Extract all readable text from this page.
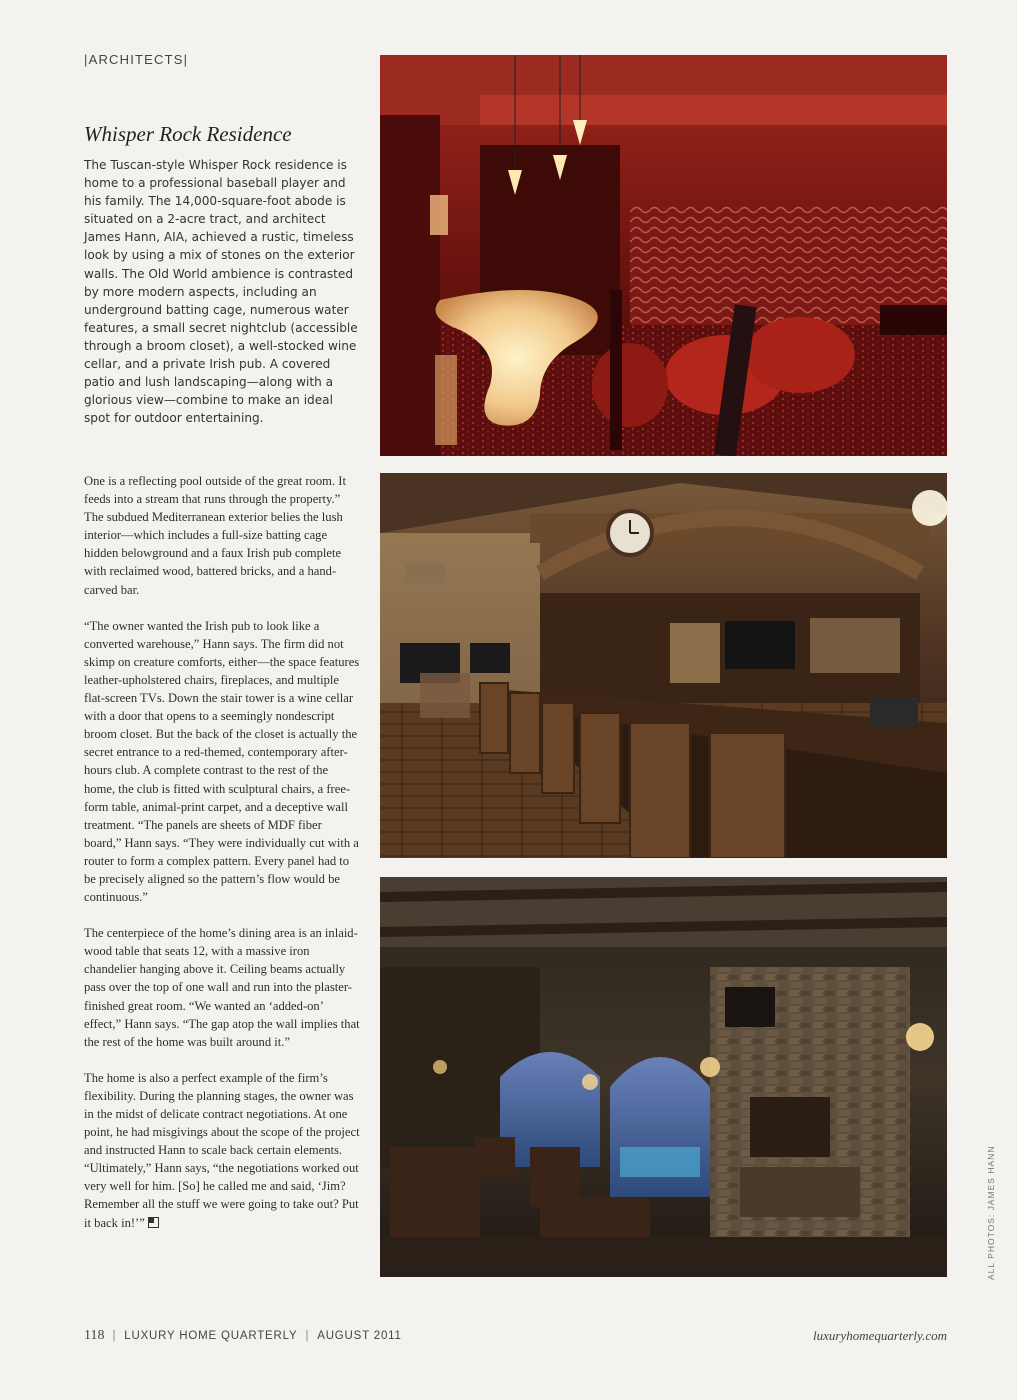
|ARCHITECTS|
Whisper Rock Residence

The Tuscan-style Whisper Rock residence is home to a professional baseball player and his family. The 14,000-square-foot abode is situated on a 2-acre tract, and architect James Hann, AIA, achieved a rustic, timeless look by using a mix of stones on the exterior walls. The Old World ambience is contrasted by more modern aspects, including an underground batting cage, numerous water features, a small secret nightclub (accessible through a broom closet), a well-stocked wine cellar, and a private Irish pub. A covered patio and lush landscaping—along with a glorious view—combine to make an ideal spot for outdoor entertaining.

One is a reflecting pool outside of the great room. It feeds into a stream that runs through the property.” The subdued Mediterranean exterior belies the lush interior—which includes a full-size batting cage hidden belowground and a faux Irish pub complete with reclaimed wood, battered bricks, and a hand-carved bar.

“The owner wanted the Irish pub to look like a converted warehouse,” Hann says. The firm did not skimp on creature comforts, either—the space features leather-upholstered chairs, fireplaces, and multiple flat-screen TVs. Down the stair tower is a wine cellar with a door that opens to a seemingly nondescript broom closet. But the back of the closet is actually the secret entrance to a red-themed, contemporary after-hours club. A complete contrast to the rest of the home, the club is fitted with sculptural chairs, a free-form table, animal-print carpet, and a deceptive wall treatment. “The panels are sheets of MDF fiber board,” Hann says. “They were individually cut with a router to form a complex pattern. Every panel had to be precisely aligned so the pattern’s flow would be continuous.”

The centerpiece of the home’s dining area is an inlaid-wood table that seats 12, with a massive iron chandelier hanging above it. Ceiling beams actually pass over the top of one wall and run into the plaster-finished great room. “We wanted an ‘added-on’ effect,” Hann says. “The gap atop the wall implies that the rest of the home was built around it.”

The home is also a perfect example of the firm’s flexibility. During the planning stages, the owner was in the midst of delicate contract negotiations. At one point, he had misgivings about the scope of the project and instructed Hann to scale back certain elements. “Ultimately,” Hann says, “the negotiations worked out very well for him. [So] he called me and said, ‘Jim? Remember all the stuff we were going to take out? Put it back in!’”	ALL PHOTOS: JAMES HANN
118 | LUXURY HOME QUARTERLY | AUGUST 2011	luxuryhomequarterly.com
